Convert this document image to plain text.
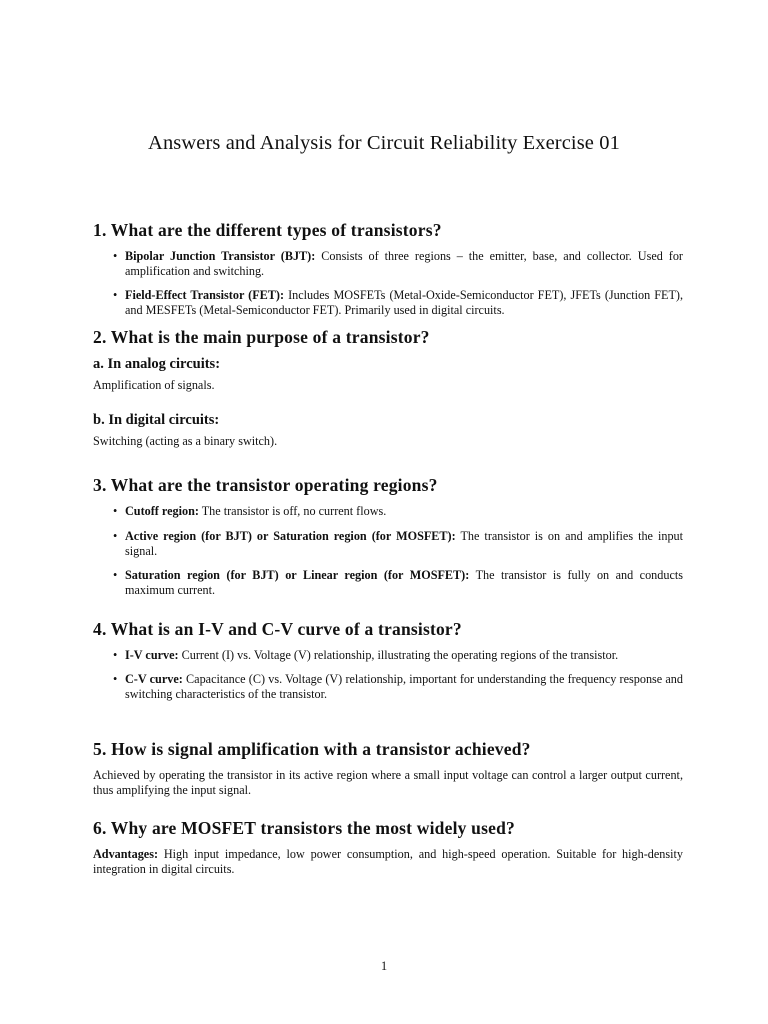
Answers and Analysis for Circuit Reliability Exercise 01
1. What are the different types of transistors?
• Bipolar Junction Transistor (BJT): Consists of three regions – the emitter, base, and collector. Used for amplification and switching.
• Field-Effect Transistor (FET): Includes MOSFETs (Metal-Oxide-Semiconductor FET), JFETs (Junction FET), and MESFETs (Metal-Semiconductor FET). Primarily used in digital circuits.
2. What is the main purpose of a transistor?
a. In analog circuits:

Amplification of signals.

b. In digital circuits:

Switching (acting as a binary switch).

3. What are the transistor operating regions?
• Cutoff region: The transistor is off, no current flows.
• Active region (for BJT) or Saturation region (for MOSFET): The transistor is on and amplifies the input signal.
• Saturation region (for BJT) or Linear region (for MOSFET): The transistor is fully on and conducts maximum current.
4. What is an I-V and C-V curve of a transistor?
• I-V curve: Current (I) vs. Voltage (V) relationship, illustrating the operating regions of the transistor.
• C-V curve: Capacitance (C) vs. Voltage (V) relationship, important for understanding the frequency response and switching characteristics of the transistor.
5. How is signal amplification with a transistor achieved?

Achieved by operating the transistor in its active region where a small input voltage can control a larger output current, thus amplifying the input signal.

6. Why are MOSFET transistors the most widely used?

Advantages: High input impedance, low power consumption, and high-speed operation. Suitable for high-density integration in digital circuits.

1
